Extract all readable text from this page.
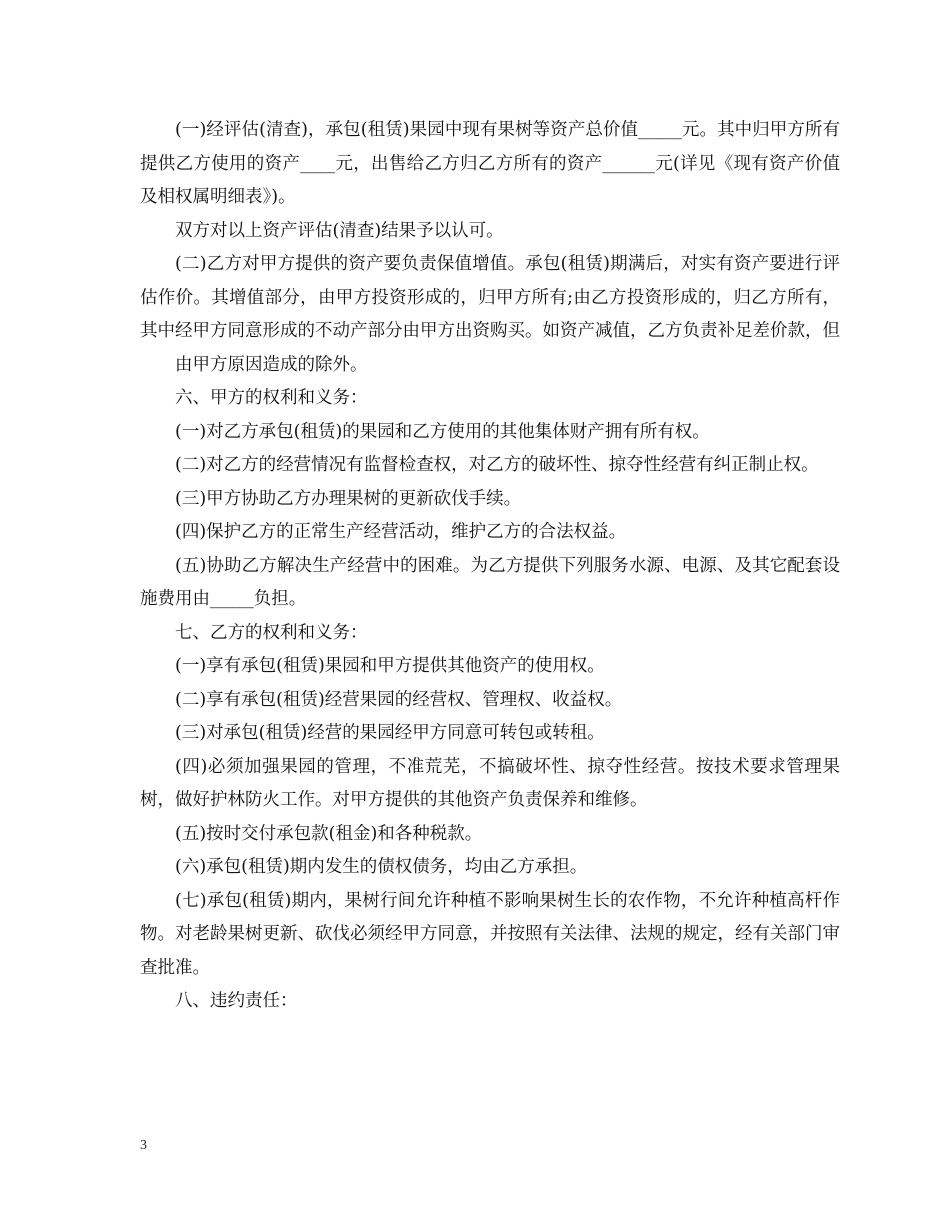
(一)经评估(清查)，承包(租赁)果园中现有果树等资产总价值_____元。其中归甲方所有提供乙方使用的资产____元，出售给乙方归乙方所有的资产______元(详见《现有资产价值及相权属明细表》)。

双方对以上资产评估(清查)结果予以认可。

(二)乙方对甲方提供的资产要负责保值增值。承包(租赁)期满后，对实有资产要进行评估作价。其增值部分，由甲方投资形成的，归甲方所有;由乙方投资形成的，归乙方所有，其中经甲方同意形成的不动产部分由甲方出资购买。如资产减值，乙方负责补足差价款，但

由甲方原因造成的除外。

六、甲方的权利和义务：

(一)对乙方承包(租赁)的果园和乙方使用的其他集体财产拥有所有权。

(二)对乙方的经营情况有监督检查权，对乙方的破坏性、掠夺性经营有纠正制止权。

(三)甲方协助乙方办理果树的更新砍伐手续。

(四)保护乙方的正常生产经营活动，维护乙方的合法权益。

(五)协助乙方解决生产经营中的困难。为乙方提供下列服务水源、电源、及其它配套设施费用由_____负担。

七、乙方的权利和义务：

(一)享有承包(租赁)果园和甲方提供其他资产的使用权。

(二)享有承包(租赁)经营果园的经营权、管理权、收益权。

(三)对承包(租赁)经营的果园经甲方同意可转包或转租。

(四)必须加强果园的管理，不准荒芜，不搞破坏性、掠夺性经营。按技术要求管理果树，做好护林防火工作。对甲方提供的其他资产负责保养和维修。

(五)按时交付承包款(租金)和各种税款。

(六)承包(租赁)期内发生的债权债务，均由乙方承担。

(七)承包(租赁)期内，果树行间允许种植不影响果树生长的农作物，不允许种植高杆作物。对老龄果树更新、砍伐必须经甲方同意，并按照有关法律、法规的规定，经有关部门审查批准。

八、违约责任：

3
